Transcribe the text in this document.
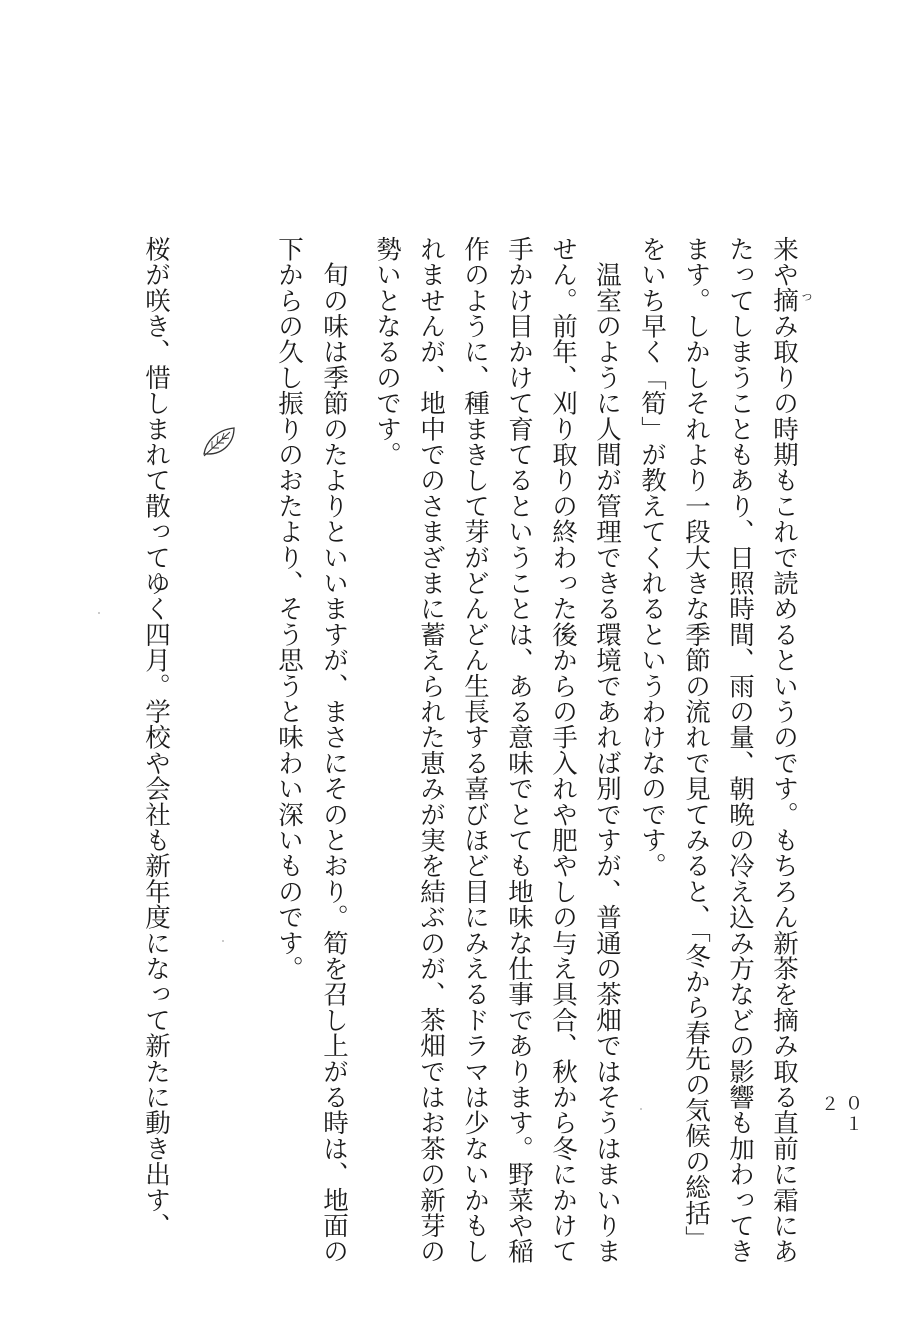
０１２
来や摘 つ
み取りの時期もこれで読めるというのです。もちろん新茶を摘み取る直前に霜にあ
たってしまうこともあり、日照時間、雨の量、朝晩の冷え込み方などの影響も加わってき
ます。しかしそれより一段大きな季節の流れで見てみると、「冬から春先の気候の総括」
をいち早く「筍」が教えてくれるというわけなのです。
　温室のように人間が管理できる環境であれば別ですが、普通の茶畑ではそうはまいりま
せん。前年、刈り取りの終わった後からの手入れや肥やしの与え具合、秋から冬にかけて
手かけ目かけて育てるということは、ある意味でとても地味な仕事であります。野菜や稲
作のように、種まきして芽がどんどん生長する喜びほど目にみえるドラマは少ないかもし
れませんが、地中でのさまざまに蓄えられた恵みが実を結ぶのが、茶畑ではお茶の新芽の
勢いとなるのです。
　旬の味は季節のたよりといいますが、まさにそのとおり。筍を召し上がる時は、地面の
下からの久し振りのおたより、そう思うと味わい深いものです。
桜が咲き、惜しまれて散ってゆく四月。学校や会社も新年度になって新たに動き出す、
